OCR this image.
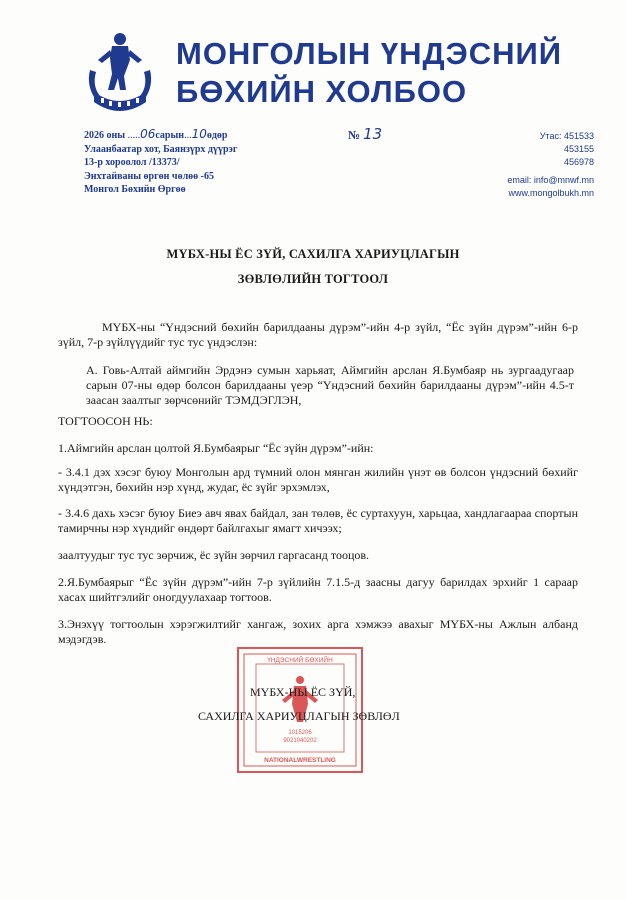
МОНГОЛЫН ҮНДЭСНИЙ
БӨХИЙН ХОЛБОО
2026 оны .....06сарын...10өдөр
Улаанбаатар хот, Баянзүрх дүүрэг
13-р хороолол /13373/
Энхтайваны өргөн чөлөө -65
Монгол Бөхийн Өргөө
№ 13	Утас: 451533
453155
456978
email: info@mnwf.mn
www.mongolbukh.mn
МҮБХ-НЫ ЁС ЗҮЙ, САХИЛГА ХАРИУЦЛАГЫН
ЗӨВЛӨЛИЙН ТОГТООЛ
МҮБХ-ны “Үндэсний бөхийн барилдааны дүрэм”-ийн 4-р зүйл, “Ёс зүйн дүрэм”-ийн 6-р зүйл, 7-р зүйлүүдийг тус тус үндэслэн:
А. Говь-Алтай аймгийн Эрдэнэ сумын харьяат, Аймгийн арслан Я.Бумбаяр нь зургаадугаар сарын 07-ны өдөр болсон барилдааны үеэр “Үндэсний бөхийн барилдааны дүрэм”-ийн 4.5-т заасан заалтыг зөрчсөнийг ТЭМДЭГЛЭН,
ТОГТООСОН НЬ:
1.Аймгийн арслан цолтой Я.Бумбаярыг “Ёс зүйн дүрэм”-ийн:
- 3.4.1 дэх хэсэг буюу Монголын ард түмний олон мянган жилийн үнэт өв болсон үндэсний бөхийг хүндэтгэн, бөхийн нэр хүнд, жудаг, ёс зүйг эрхэмлэх,
- 3.4.6 дахь хэсэг буюу Биеэ авч явах байдал, зан төлөв, ёс суртахуун, харьцаа, хандлагаараа спортын тамирчны нэр хүндийг өндөрт байлгахыг ямагт хичээх;
заалтуудыг тус тус зөрчиж, ёс зүйн зөрчил гаргасанд тооцов.
2.Я.Бумбаярыг “Ёс зүйн дүрэм”-ийн 7-р зүйлийн 7.1.5-д заасны дагуу барилдах эрхийг 1 сараар хасах шийтгэлийг оногдуулахаар тогтоов.
3.Энэхүү тогтоолын хэрэгжилтийг хангаж, зохих арга хэмжээ авахыг МҮБХ-ны Ажлын албанд мэдэгдэв.
ҮНДЭСНИЙ БӨХИЙН
1015206
9021040202
NATIONALWRESTLING
МҮБХ-НЫ ЁС ЗҮЙ,
САХИЛГА ХАРИУЦЛАГЫН ЗӨВЛӨЛ
